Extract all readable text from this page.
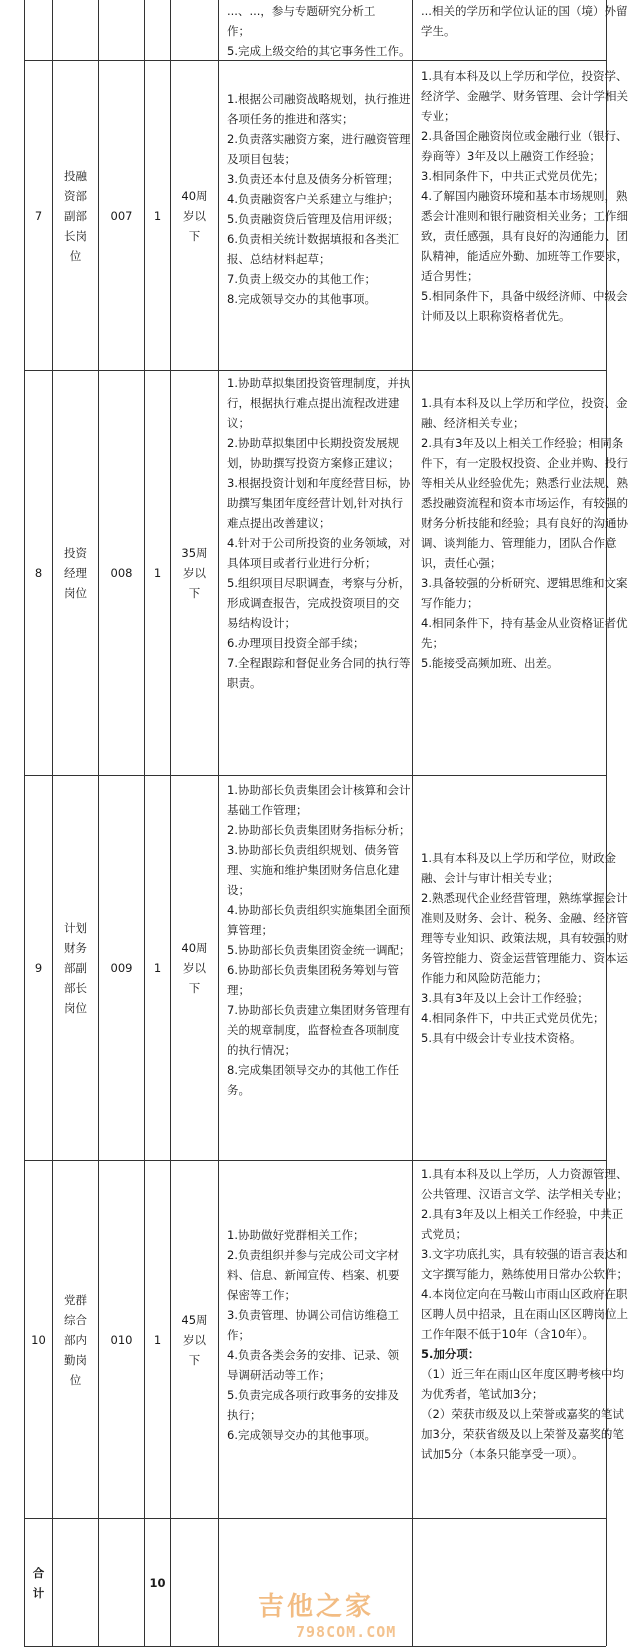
...、...，参与专题研究分析工
作；
5.完成上级交给的其它事务性工作。
...相关的学历和学位认证的国（境）外留
学生。
7
投融
资部
副部
长岗
位
007 1
40周
岁以
下
1.根据公司融资战略规划，执行推进
各项任务的推进和落实；
2.负责落实融资方案，进行融资管理
及项目包装；
3.负责还本付息及债务分析管理；
4.负责融资客户关系建立与维护；
5.负责融资贷后管理及信用评级；
6.负责相关统计数据填报和各类汇
报、总结材料起草；
7.负责上级交办的其他工作；
8.完成领导交办的其他事项。
1.具有本科及以上学历和学位，投资学、
经济学、金融学、财务管理、会计学相关
专业；
2.具备国企融资岗位或金融行业（银行、
券商等）3年及以上融资工作经验；
3.相同条件下，中共正式党员优先；
4.了解国内融资环境和基本市场规则，熟
悉会计准则和银行融资相关业务；工作细
致，责任感强，具有良好的沟通能力、团
队精神，能适应外勤、加班等工作要求，
适合男性；
5.相同条件下，具备中级经济师、中级会
计师及以上职称资格者优先。
8
投资
经理
岗位
008 1
35周
岁以
下
1.协助草拟集团投资管理制度，并执
行，根据执行难点提出流程改进建
议；
2.协助草拟集团中长期投资发展规
划，协助撰写投资方案修正建议；
3.根据投资计划和年度经营目标，协
助撰写集团年度经营计划,针对执行
难点提出改善建议；
4.针对于公司所投资的业务领域，对
具体项目或者行业进行分析；
5.组织项目尽职调查，考察与分析，
形成调查报告，完成投资项目的交
易结构设计；
6.办理项目投资全部手续；
7.全程跟踪和督促业务合同的执行等
职责。
1.具有本科及以上学历和学位，投资、金
融、经济相关专业；
2.具有3年及以上相关工作经验；相同条
件下，有一定股权投资、企业并购、投行
等相关从业经验优先；熟悉行业法规、熟
悉投融资流程和资本市场运作，有较强的
财务分析技能和经验；具有良好的沟通协
调、谈判能力、管理能力，团队合作意
识，责任心强；
3.具备较强的分析研究、逻辑思维和文案
写作能力；
4.相同条件下，持有基金从业资格证者优
先；
5.能接受高频加班、出差。
9
计划
财务
部副
部长
岗位
009 1
40周
岁以
下
1.协助部长负责集团会计核算和会计
基础工作管理；
2.协助部长负责集团财务指标分析；
3.协助部长负责组织规划、债务管
理、实施和维护集团财务信息化建
设；
4.协助部长负责组织实施集团全面预
算管理；
5.协助部长负责集团资金统一调配；
6.协助部长负责集团税务筹划与管
理；
7.协助部长负责建立集团财务管理有
关的规章制度，监督检查各项制度
的执行情况；
8.完成集团领导交办的其他工作任
务。
1.具有本科及以上学历和学位，财政金
融、会计与审计相关专业；
2.熟悉现代企业经营管理，熟练掌握会计
准则及财务、会计、税务、金融、经济管
理等专业知识、政策法规，具有较强的财
务管控能力、资金运营管理能力、资本运
作能力和风险防范能力；
3.具有3年及以上会计工作经验；
4.相同条件下，中共正式党员优先；
5.具有中级会计专业技术资格。
10
党群
综合
部内
勤岗
位
010 1
45周
岁以
下
1.协助做好党群相关工作；
2.负责组织并参与完成公司文字材
料、信息、新闻宣传、档案、机要
保密等工作；
3.负责管理、协调公司信访维稳工
作；
4.负责各类会务的安排、记录、领
导调研活动等工作；
5.负责完成各项行政事务的安排及
执行；
6.完成领导交办的其他事项。
1.具有本科及以上学历，人力资源管理、
公共管理、汉语言文学、法学相关专业；
2.具有3年及以上相关工作经验，中共正
式党员；
3.文字功底扎实，具有较强的语言表达和
文字撰写能力，熟练使用日常办公软件；
4.本岗位定向在马鞍山市雨山区政府在职
区聘人员中招录，且在雨山区区聘岗位上
工作年限不低于10年（含10年）。
5.加分项：
（1）近三年在雨山区年度区聘考核中均
为优秀者，笔试加3分；
（2）荣获市级及以上荣誉或嘉奖的笔试
加3分，荣获省级及以上荣誉及嘉奖的笔
试加5分（本条只能享受一项）。
合
计
10
吉他之家
798COM.COM
